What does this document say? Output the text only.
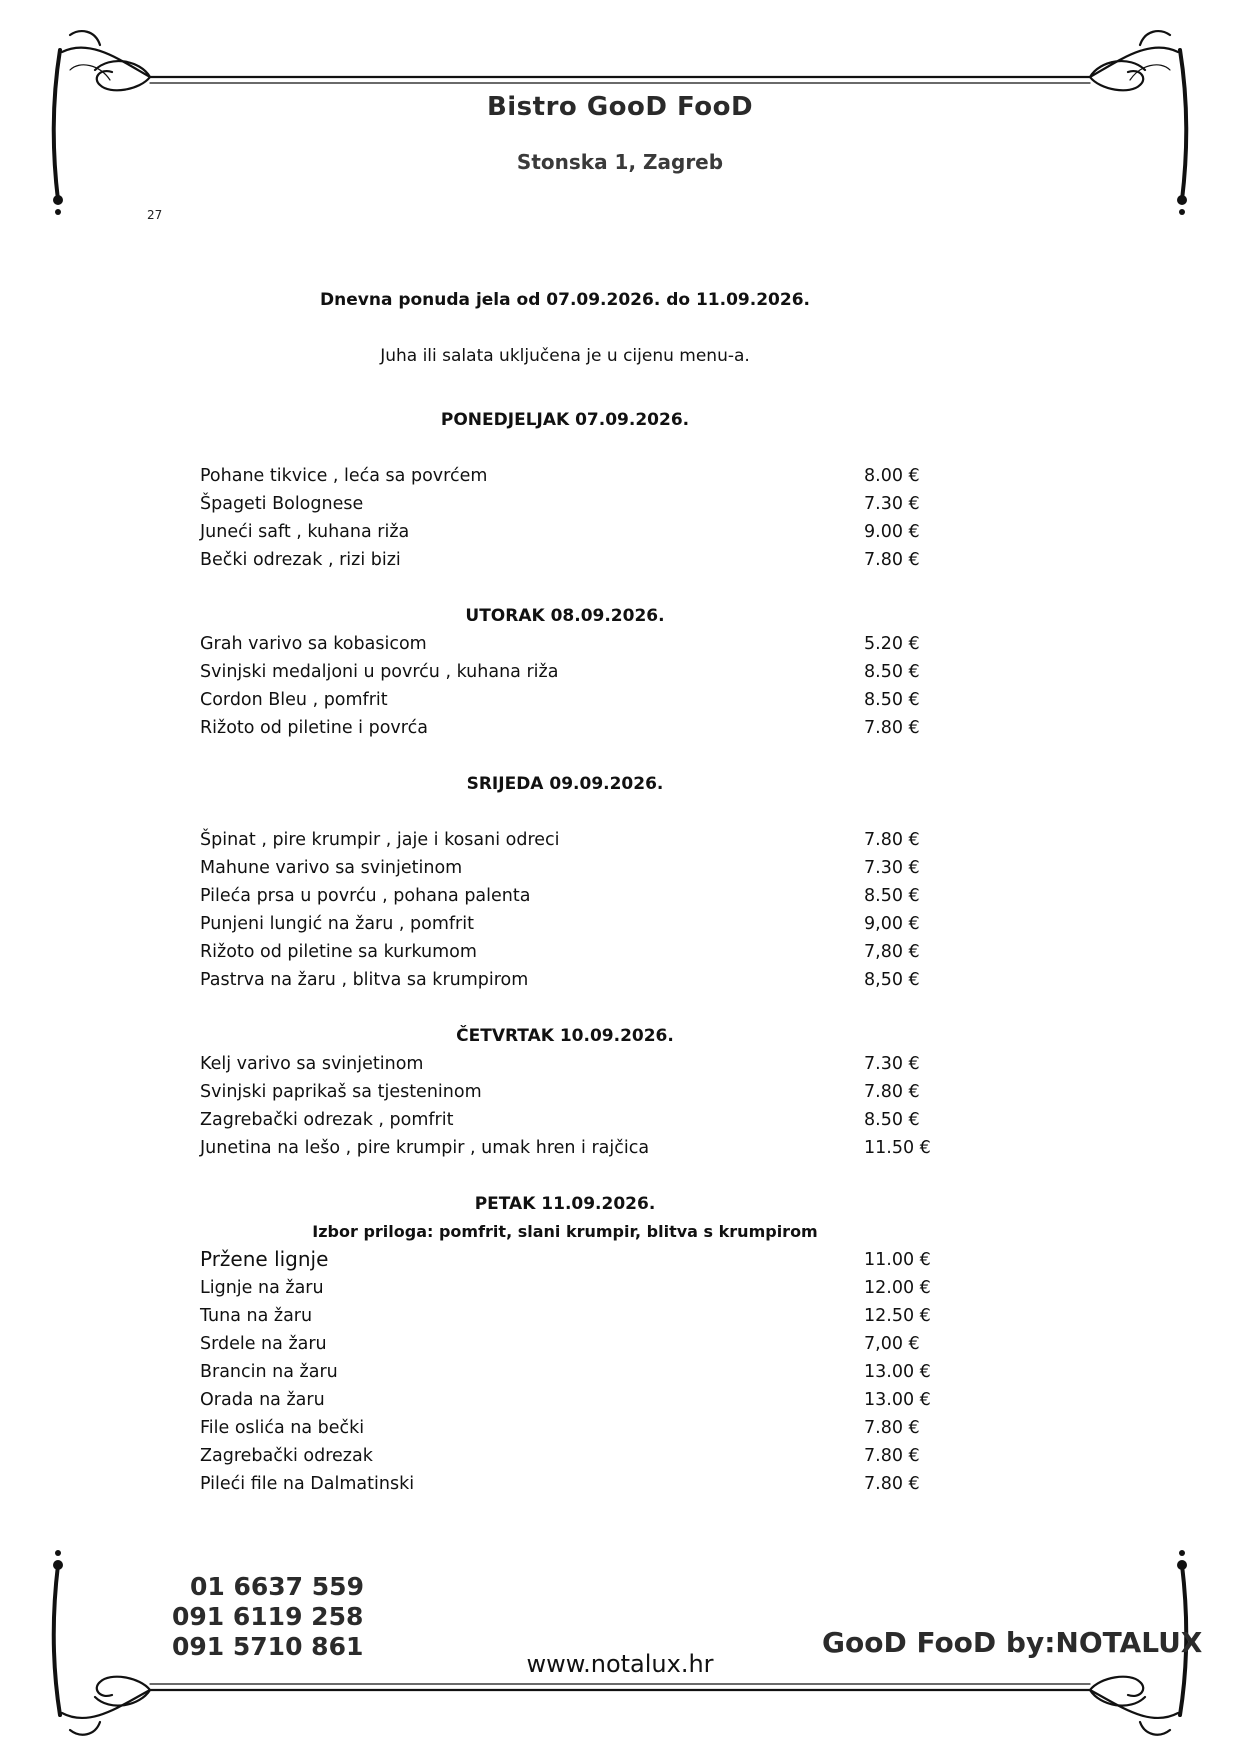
Bistro GooD FooD
Stonska 1, Zagreb
27
Dnevna ponuda jela od 07.09.2026. do 11.09.2026.
Juha ili salata uključena je u cijenu menu-a.
PONEDJELJAK 07.09.2026.
Pohane tikvice , leća sa povrćem	8.00 €
Špageti Bolognese	7.30 €
Juneći saft , kuhana riža	9.00 €
Bečki odrezak , rizi bizi	7.80 €
UTORAK 08.09.2026.
Grah varivo sa kobasicom	5.20 €
Svinjski medaljoni u povrću , kuhana riža	8.50 €
Cordon Bleu , pomfrit	8.50 €
Rižoto od piletine i povrća	7.80 €
SRIJEDA 09.09.2026.
Špinat , pire krumpir , jaje i kosani odreci	7.80 €
Mahune varivo sa svinjetinom	7.30 €
Pileća prsa u povrću , pohana palenta	8.50 €
Punjeni lungić na žaru , pomfrit	9,00 €
Rižoto od piletine sa kurkumom	7,80 €
Pastrva na žaru , blitva sa krumpirom	8,50 €
ČETVRTAK 10.09.2026.
Kelj varivo sa svinjetinom	7.30 €
Svinjski paprikaš sa tjesteninom	7.80 €
Zagrebački odrezak , pomfrit	8.50 €
Junetina na lešo , pire krumpir , umak hren i rajčica	11.50 €
PETAK 11.09.2026.
Izbor priloga: pomfrit, slani krumpir, blitva s krumpirom
Pržene lignje	11.00 €
Lignje na žaru	12.00 €
Tuna na žaru	12.50 €
Srdele na žaru	7,00 €
Brancin na žaru	13.00 €
Orada na žaru	13.00 €
File oslića na bečki	7.80 €
Zagrebački odrezak	7.80 €
Pileći file na Dalmatinski	7.80 €
01 6637 559
091 6119 258
091 5710 861
www.notalux.hr
GooD FooD by:NOTALUX
